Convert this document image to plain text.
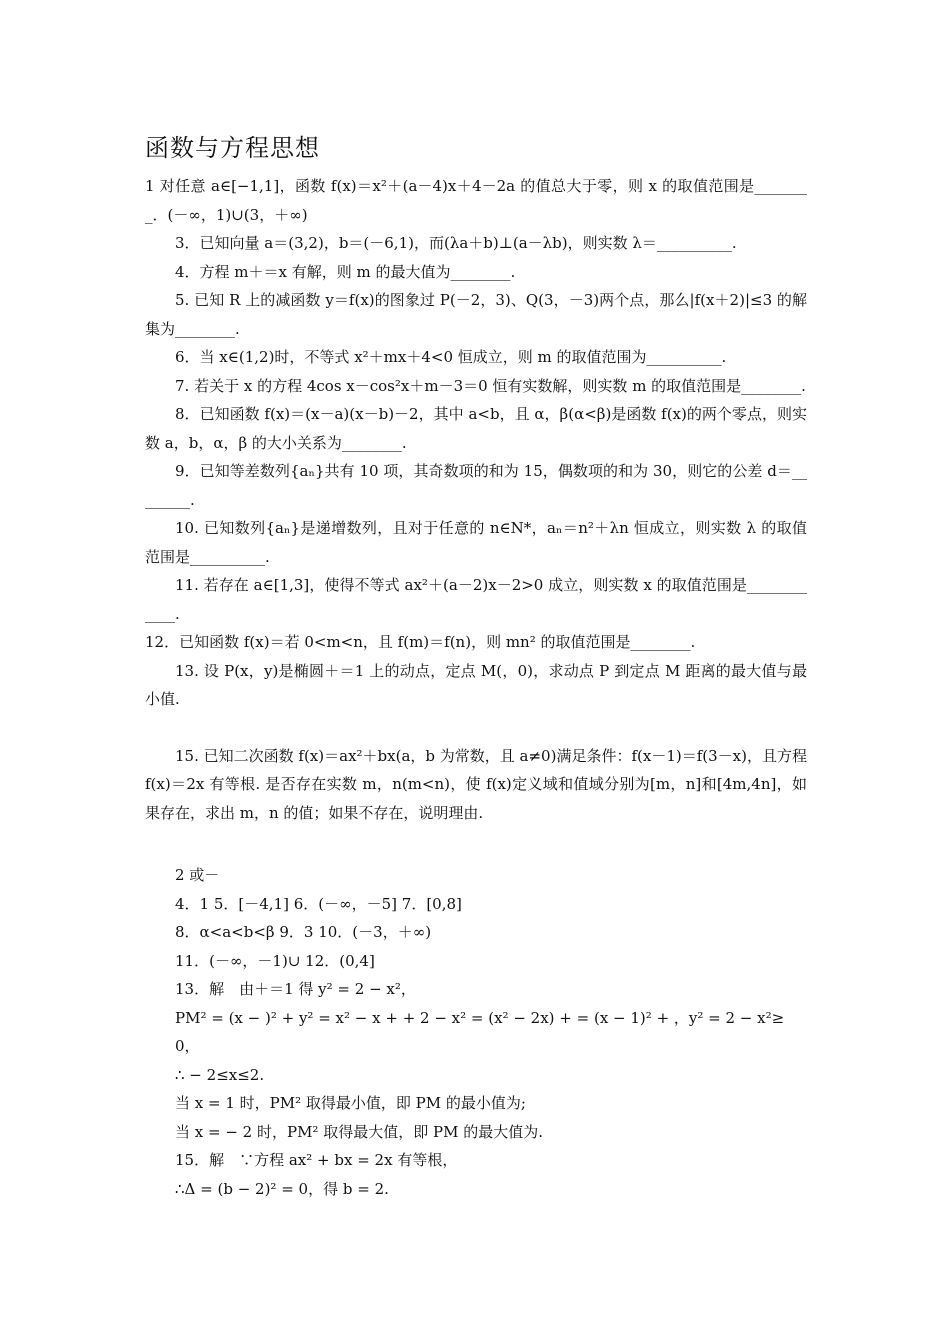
函数与方程思想

1 对任意 a∈[−1,1]，函数 f(x)＝x²＋(a－4)x＋4－2a 的值总大于零，则 x 的取值范围是________．(－∞，1)∪(3，＋∞)

3．已知向量 a＝(3,2)，b＝(－6,1)，而(λa＋b)⊥(a－λb)，则实数 λ＝__________.

4．方程 m＋＝x 有解，则 m 的最大值为________.

5. 已知 R 上的减函数 y＝f(x)的图象过 P(－2，3)、Q(3，－3)两个点，那么|f(x＋2)|≤3 的解集为________.

6．当 x∈(1,2)时，不等式 x²＋mx＋4<0 恒成立，则 m 的取值范围为__________.

7. 若关于 x 的方程 4cos x－cos²x＋m－3＝0 恒有实数解，则实数 m 的取值范围是________.

8．已知函数 f(x)＝(x－a)(x－b)－2，其中 a<b，且 α，β(α<β)是函数 f(x)的两个零点，则实数 a，b，α，β 的大小关系为________.

9．已知等差数列{aₙ}共有 10 项，其奇数项的和为 15，偶数项的和为 30，则它的公差 d＝________.

10. 已知数列{aₙ}是递增数列，且对于任意的 n∈N*，aₙ＝n²＋λn 恒成立，则实数 λ 的取值范围是__________.

11. 若存在 a∈[1,3]，使得不等式 ax²＋(a－2)x－2>0 成立，则实数 x 的取值范围是____________.

12．已知函数 f(x)＝若 0<m<n，且 f(m)＝f(n)，则 mn² 的取值范围是________.

13. 设 P(x，y)是椭圆＋＝1 上的动点，定点 M(，0)，求动点 P 到定点 M 距离的最大值与最小值.

15. 已知二次函数 f(x)＝ax²＋bx(a，b 为常数，且 a≠0)满足条件：f(x－1)＝f(3－x)，且方程 f(x)＝2x 有等根. 是否存在实数 m，n(m<n)，使 f(x)定义域和值域分别为[m，n]和[4m,4n]，如果存在，求出 m，n 的值；如果不存在，说明理由.

2 或－

4．1 5．[－4,1] 6．(－∞，－5] 7．[0,8]

8．α<a<b<β 9．3 10．(－3，＋∞)

11．(－∞，－1)∪ 12．(0,4]

13．解　由＋＝1 得 y² = 2 − x²，

PM² = (x − )² + y² = x² − x + + 2 − x² = (x² − 2x) + = (x − 1)² + ，y² = 2 − x²≥0，

∴ − 2≤x≤2.

当 x = 1 时，PM² 取得最小值，即 PM 的最小值为;

当 x = − 2 时，PM² 取得最大值，即 PM 的最大值为.

15．解　∵方程 ax² + bx = 2x 有等根，

∴Δ = (b − 2)² = 0，得 b = 2.
